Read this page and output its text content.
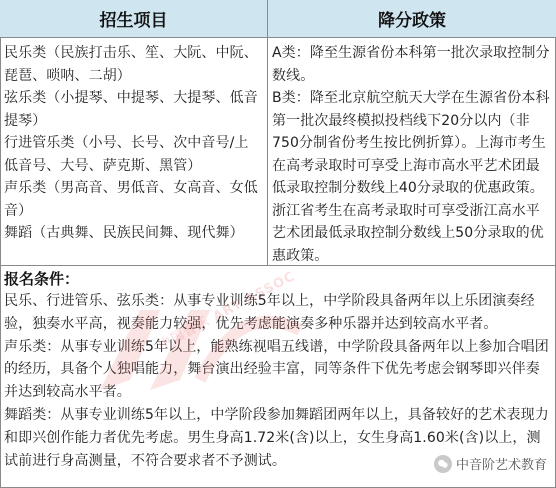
招生项目	降分政策
民乐类（民族打击乐、笙、大阮、中阮、琵琶、唢呐、二胡）
弦乐类（小提琴、中提琴、大提琴、低音提琴）
行进管乐类（小号、长号、次中音号/上低音号、大号、萨克斯、黑管）
声乐类（男高音、男低音、女高音、女低音）
舞蹈（古典舞、民族民间舞、现代舞）
A类：降至生源省份本科第一批次录取控制分数线。
B类：降至北京航空航天大学在生源省份本科第一批次最终模拟投档线下20分以内（非750分制省份考生按比例折算）。上海市考生在高考录取时可享受上海市高水平艺术团最低录取控制分数线上40分录取的优惠政策。浙江省考生在高考录取时可享受浙江高水平艺术团最低录取控制分数线上50分录取的优惠政策。
报名条件：
民乐、行进管乐、弦乐类：从事专业训练5年以上，中学阶段具备两年以上乐团演奏经验，独奏水平高，视奏能力较强，优先考虑能演奏多种乐器并达到较高水平者。
声乐类：从事专业训练5年以上，能熟练视唱五线谱，中学阶段具备两年以上参加合唱团的经历，具备个人独唱能力，舞台演出经验丰富，同等条件下优先考虑会钢琴即兴伴奏并达到较高水平者。
舞蹈类：从事专业训练5年以上，中学阶段参加舞蹈团两年以上，具备较好的艺术表现力和即兴创作能力者优先考虑。男生身高1.72米(含)以上，女生身高1.60米(含)以上，测试前进行身高测量，不符合要求者不予测试。
中国音乐 ART ASSOC
中音阶艺术教育
